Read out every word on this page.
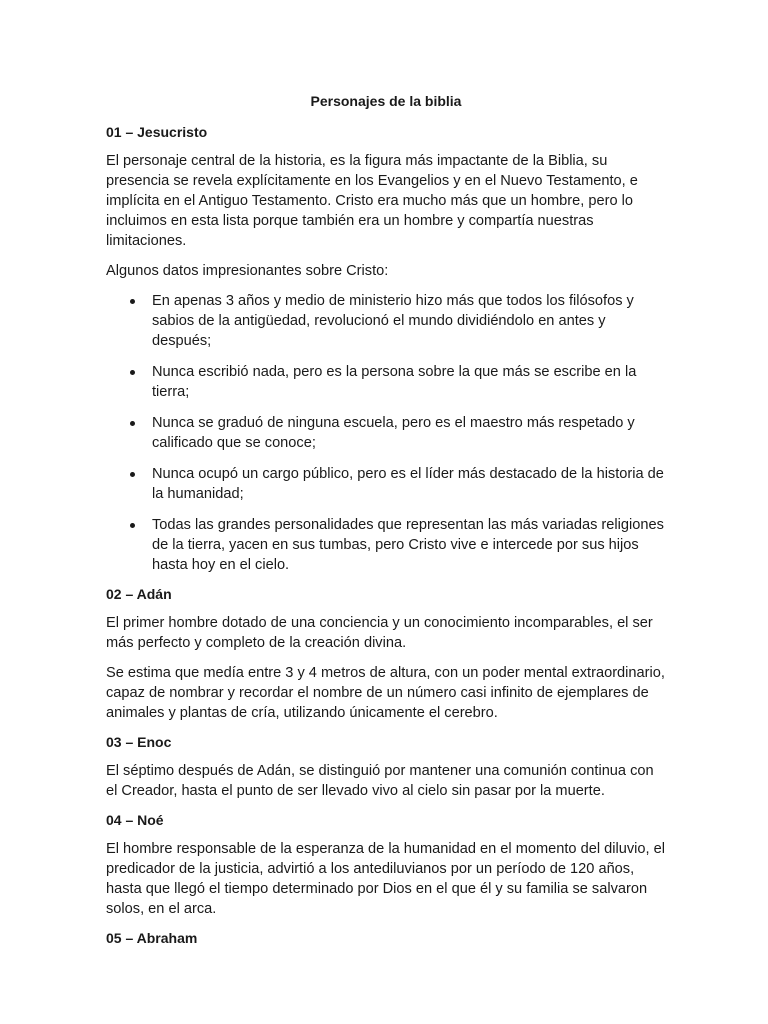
Personajes de la biblia
01 – Jesucristo

El personaje central de la historia, es la figura más impactante de la Biblia, su presencia se revela explícitamente en los Evangelios y en el Nuevo Testamento, e implícita en el Antiguo Testamento. Cristo era mucho más que un hombre, pero lo incluimos en esta lista porque también era un hombre y compartía nuestras limitaciones.

Algunos datos impresionantes sobre Cristo:

En apenas 3 años y medio de ministerio hizo más que todos los filósofos y sabios de la antigüedad, revolucionó el mundo dividiéndolo en antes y después;
Nunca escribió nada, pero es la persona sobre la que más se escribe en la tierra;
Nunca se graduó de ninguna escuela, pero es el maestro más respetado y calificado que se conoce;
Nunca ocupó un cargo público, pero es el líder más destacado de la historia de la humanidad;
Todas las grandes personalidades que representan las más variadas religiones de la tierra, yacen en sus tumbas, pero Cristo vive e intercede por sus hijos hasta hoy en el cielo.
02 – Adán

El primer hombre dotado de una conciencia y un conocimiento incomparables, el ser más perfecto y completo de la creación divina.

Se estima que medía entre 3 y 4 metros de altura, con un poder mental extraordinario, capaz de nombrar y recordar el nombre de un número casi infinito de ejemplares de animales y plantas de cría, utilizando únicamente el cerebro.

03 – Enoc

El séptimo después de Adán, se distinguió por mantener una comunión continua con el Creador, hasta el punto de ser llevado vivo al cielo sin pasar por la muerte.

04 – Noé

El hombre responsable de la esperanza de la humanidad en el momento del diluvio, el predicador de la justicia, advirtió a los antediluvianos por un período de 120 años, hasta que llegó el tiempo determinado por Dios en el que él y su familia se salvaron solos, en el arca.

05 – Abraham
